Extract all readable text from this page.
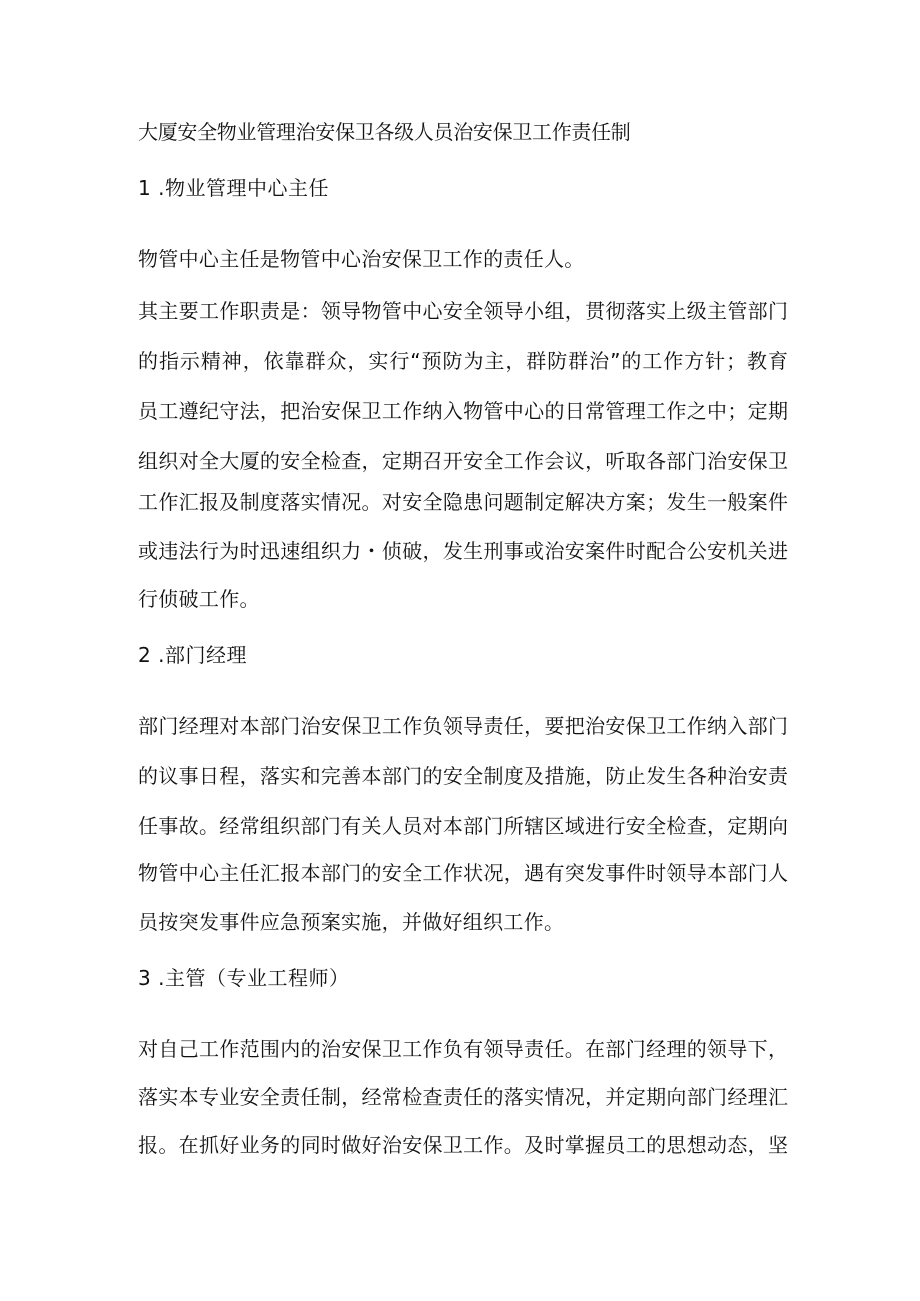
大厦安全物业管理治安保卫各级人员治安保卫工作责任制
1 .物业管理中心主任
物管中心主任是物管中心治安保卫工作的责任人。
其主要工作职责是：领导物管中心安全领导小组，贯彻落实上级主管部门
的指示精神，依靠群众，实行“预防为主，群防群治”的工作方针；教育
员工遵纪守法，把治安保卫工作纳入物管中心的日常管理工作之中；定期
组织对全大厦的安全检查，定期召开安全工作会议，听取各部门治安保卫
工作汇报及制度落实情况。对安全隐患问题制定解决方案；发生一般案件
或违法行为时迅速组织力・侦破，发生刑事或治安案件时配合公安机关进
行侦破工作。
2 .部门经理
部门经理对本部门治安保卫工作负领导责任，要把治安保卫工作纳入部门
的议事日程，落实和完善本部门的安全制度及措施，防止发生各种治安责
任事故。经常组织部门有关人员对本部门所辖区域进行安全检查，定期向
物管中心主任汇报本部门的安全工作状况，遇有突发事件时领导本部门人
员按突发事件应急预案实施，并做好组织工作。
3 .主管（专业工程师）
对自己工作范围内的治安保卫工作负有领导责任。在部门经理的领导下，
落实本专业安全责任制，经常检查责任的落实情况，并定期向部门经理汇
报。在抓好业务的同时做好治安保卫工作。及时掌握员工的思想动态，坚
